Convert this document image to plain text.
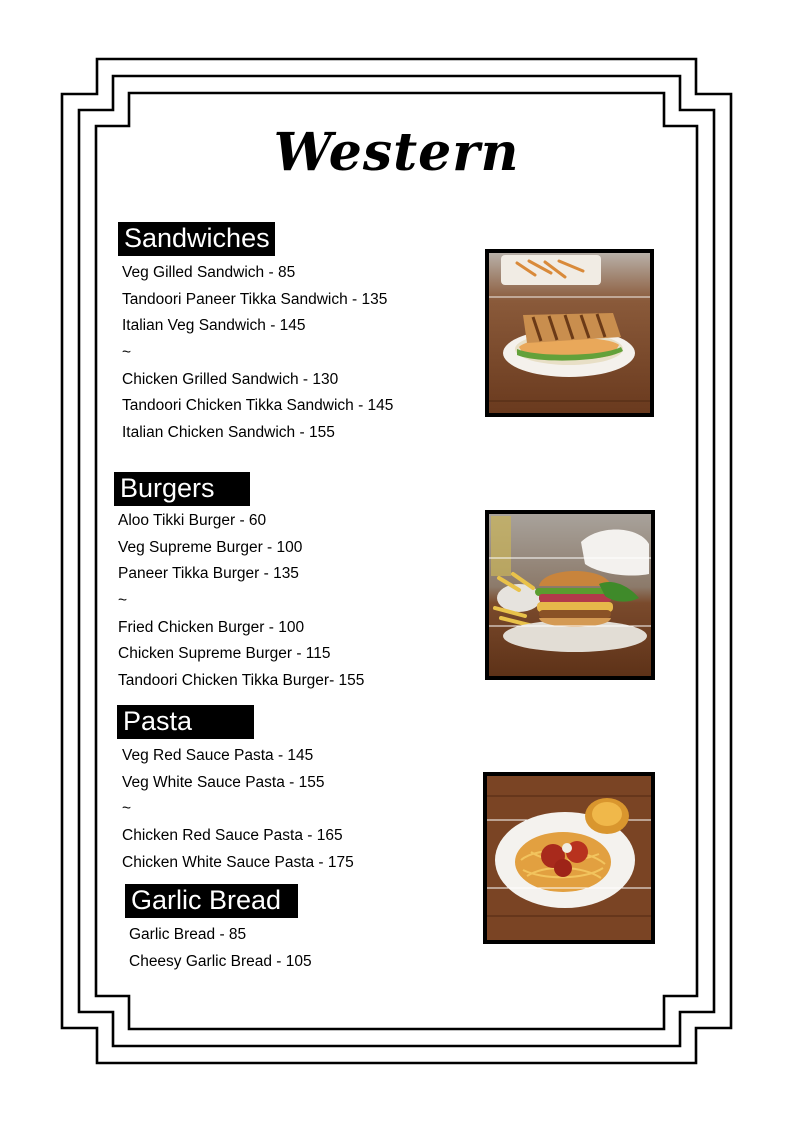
Western
Sandwiches
Veg Gilled Sandwich - 85
Tandoori Paneer Tikka Sandwich - 135
Italian Veg Sandwich - 145
~
Chicken Grilled Sandwich - 130
Tandoori Chicken Tikka Sandwich - 145
Italian Chicken Sandwich - 155
Burgers
Aloo Tikki Burger - 60
Veg Supreme Burger - 100
Paneer Tikka Burger - 135
~
Fried Chicken Burger - 100
Chicken Supreme Burger - 115
Tandoori Chicken Tikka Burger- 155
Pasta
Veg Red Sauce Pasta - 145
Veg White Sauce Pasta - 155
~
Chicken Red Sauce Pasta - 165
Chicken White Sauce Pasta - 175
Garlic Bread
Garlic Bread - 85
Cheesy Garlic Bread - 105
